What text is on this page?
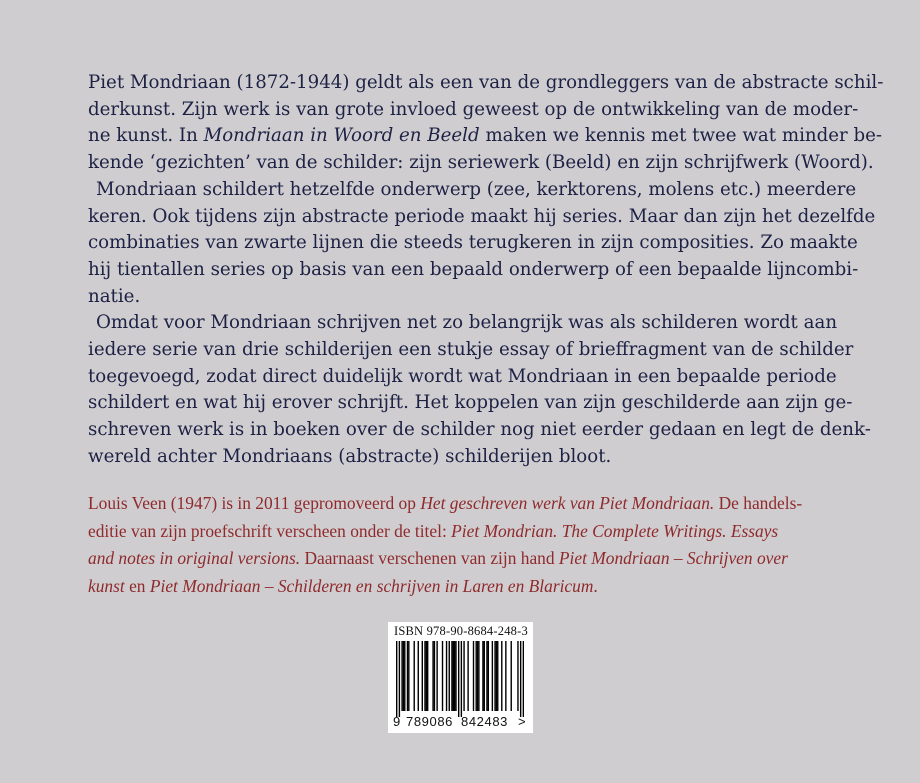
Piet Mondriaan (1872-1944) geldt als een van de grondleggers van de abstracte schil-
derkunst. Zijn werk is van grote invloed geweest op de ontwikkeling van de moder-
ne kunst. In Mondriaan in Woord en Beeld maken we kennis met twee wat minder be-
kende ‘gezichten’ van de schilder: zijn seriewerk (Beeld) en zijn schrijfwerk (Woord).

Mondriaan schildert hetzelfde onderwerp (zee, kerktorens, molens etc.) meerdere
keren. Ook tijdens zijn abstracte periode maakt hij series. Maar dan zijn het dezelfde
combinaties van zwarte lijnen die steeds terugkeren in zijn composities. Zo maakte
hij tientallen series op basis van een bepaald onderwerp of een bepaalde lijncombi-
natie.

Omdat voor Mondriaan schrijven net zo belangrijk was als schilderen wordt aan
iedere serie van drie schilderijen een stukje essay of brieffragment van de schilder
toegevoegd, zodat direct duidelijk wordt wat Mondriaan in een bepaalde periode
schildert en wat hij erover schrijft. Het koppelen van zijn geschilderde aan zijn ge-
schreven werk is in boeken over de schilder nog niet eerder gedaan en legt de denk-
wereld achter Mondriaans (abstracte) schilderijen bloot.

Louis Veen (1947) is in 2011 gepromoveerd op Het geschreven werk van Piet Mondriaan. De handels-
editie van zijn proefschrift verscheen onder de titel: Piet Mondrian. The Complete Writings. Essays
and notes in original versions. Daarnaast verschenen van zijn hand Piet Mondriaan – Schrijven over
kunst en Piet Mondriaan – Schilderen en schrijven in Laren en Blaricum.

ISBN 978-90-8684-248-3
9 789086 842483 >
